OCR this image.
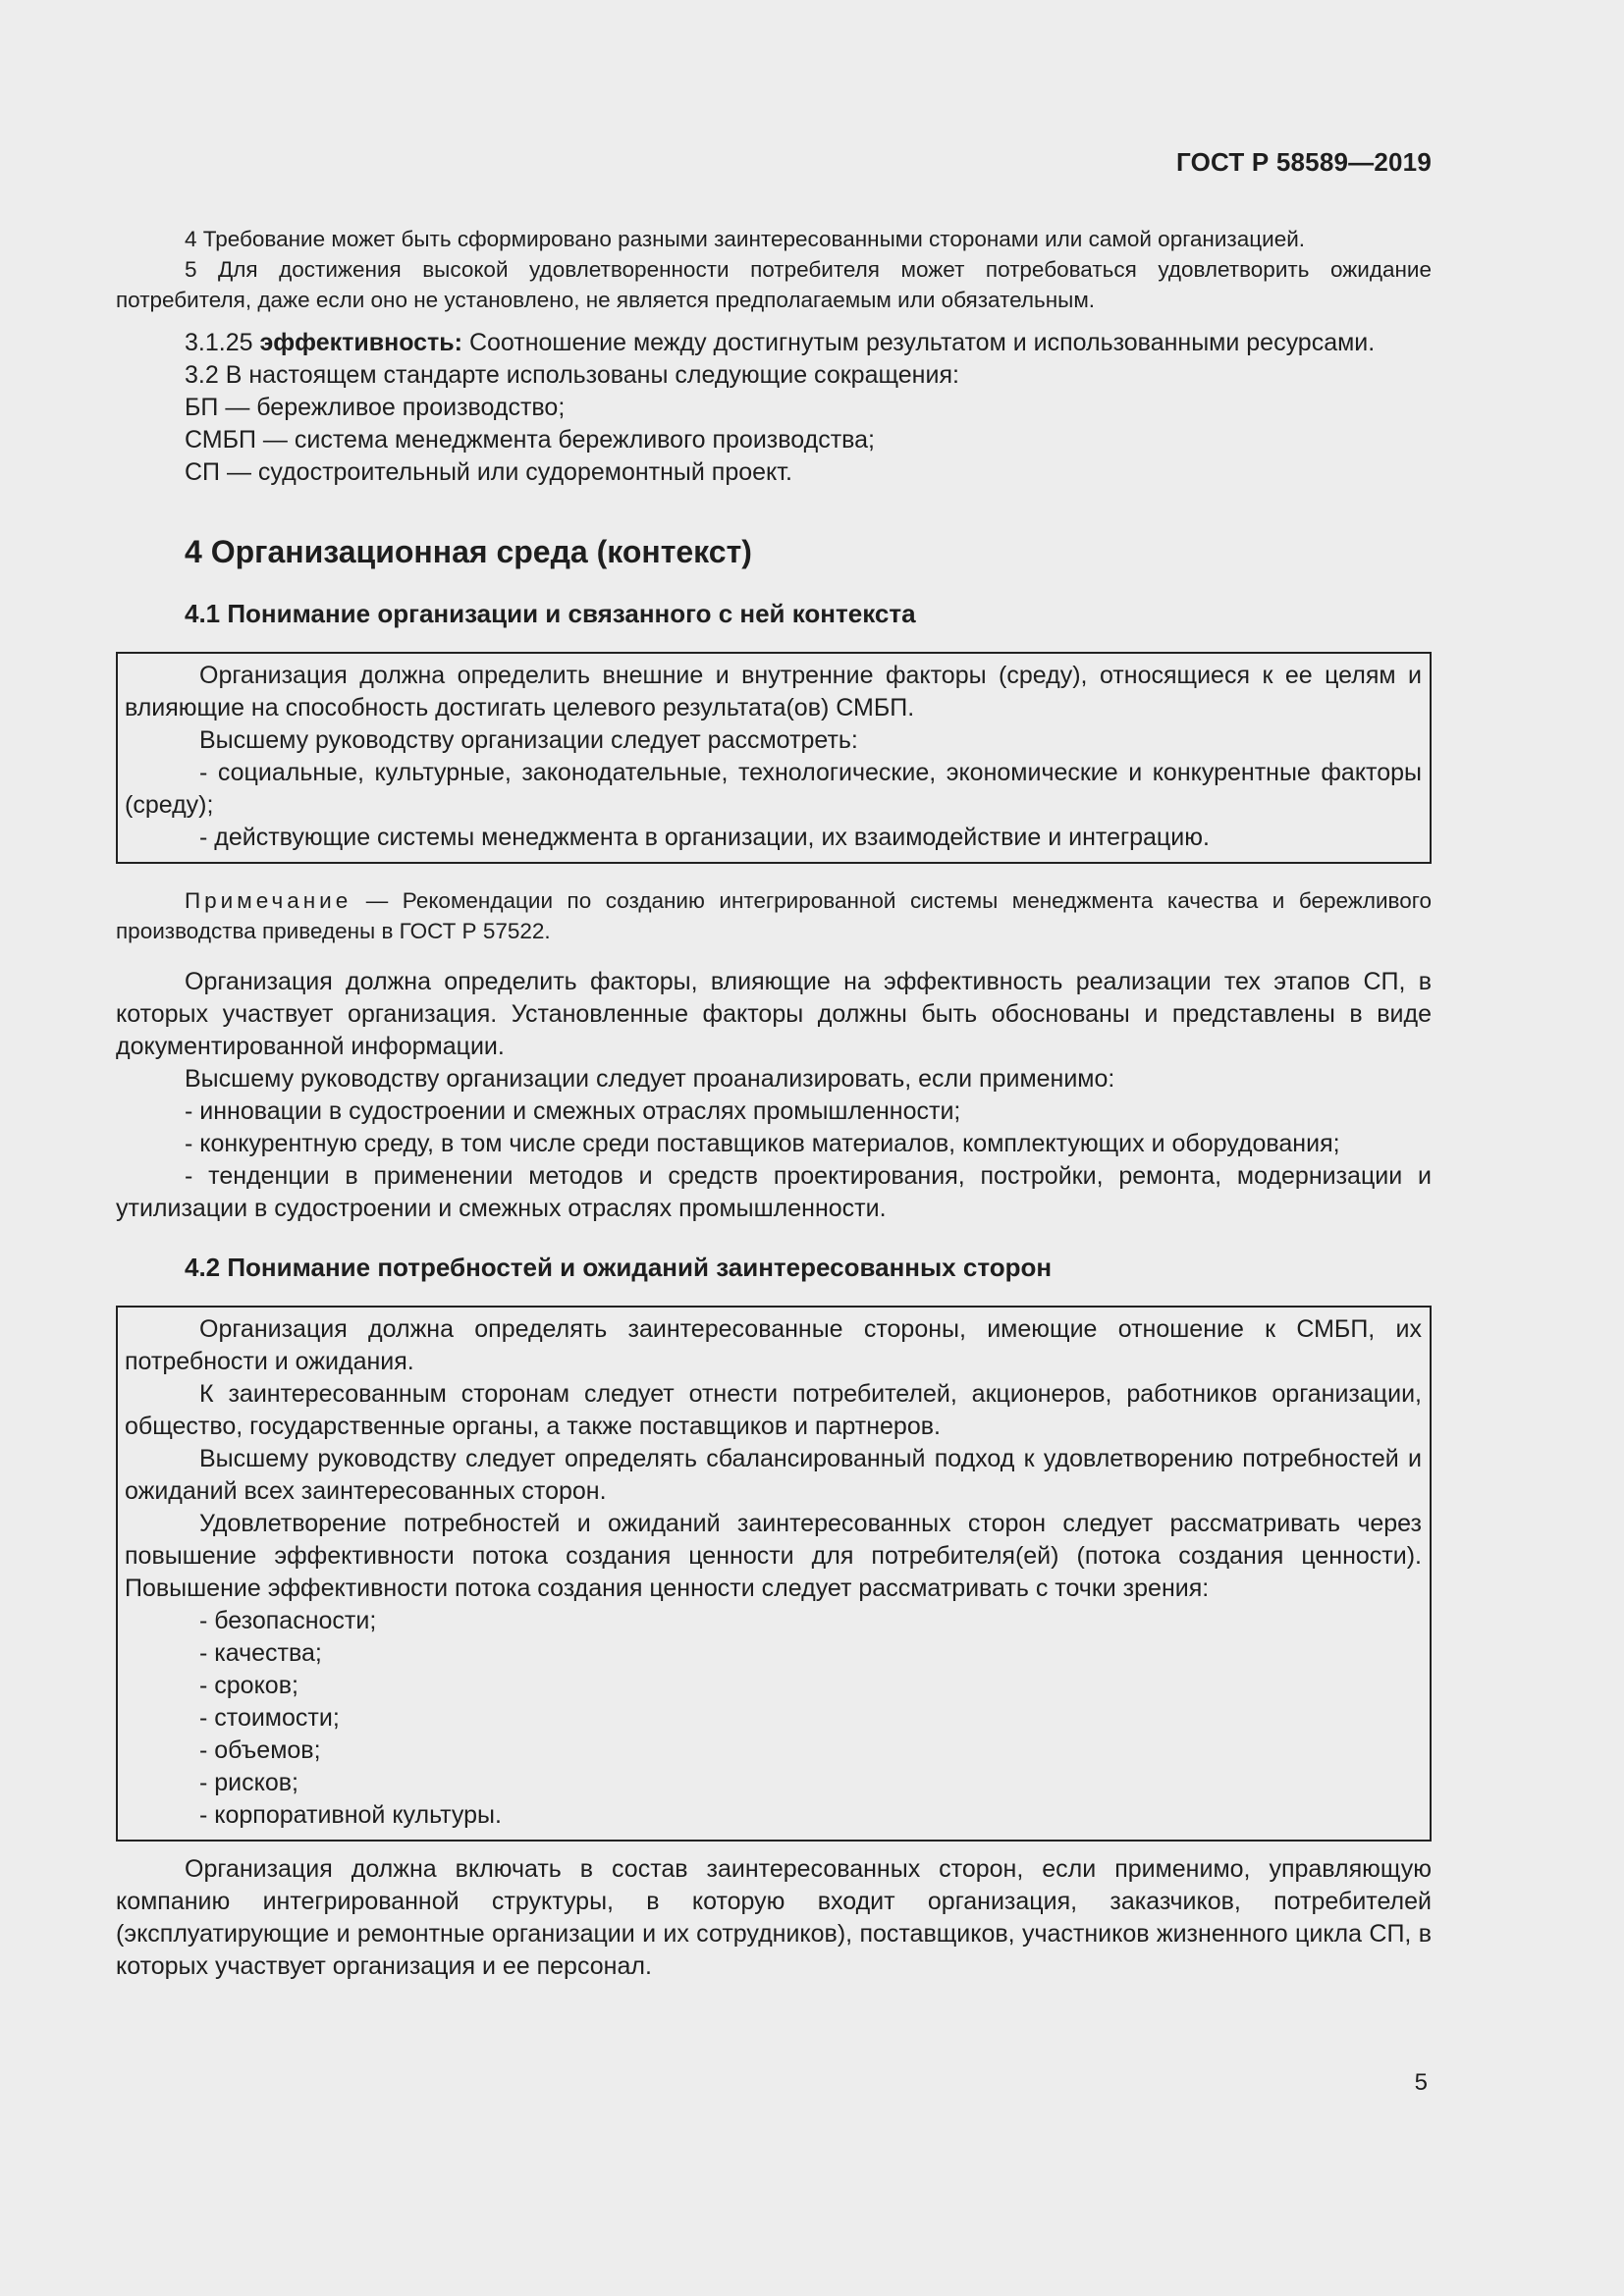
ГОСТ Р 58589—2019

4 Требование может быть сформировано разными заинтересованными сторонами или самой организацией.

5 Для достижения высокой удовлетворенности потребителя может потребоваться удовлетворить ожидание потребителя, даже если оно не установлено, не является предполагаемым или обязательным.

3.1.25 эффективность: Соотношение между достигнутым результатом и использованными ресурсами.

3.2 В настоящем стандарте использованы следующие сокращения:

БП — бережливое производство;

СМБП — система менеджмента бережливого производства;

СП — судостроительный или судоремонтный проект.

4 Организационная среда (контекст)
4.1 Понимание организации и связанного с ней контекста

Организация должна определить внешние и внутренние факторы (среду), относящиеся к ее целям и влияющие на способность достигать целевого результата(ов) СМБП.

Высшему руководству организации следует рассмотреть:

- социальные, культурные, законодательные, технологические, экономические и конкурентные факторы (среду);

- действующие системы менеджмента в организации, их взаимодействие и интеграцию.

Примечание — Рекомендации по созданию интегрированной системы менеджмента качества и бережливого производства приведены в ГОСТ Р 57522.

Организация должна определить факторы, влияющие на эффективность реализации тех этапов СП, в которых участвует организация. Установленные факторы должны быть обоснованы и представлены в виде документированной информации.

Высшему руководству организации следует проанализировать, если применимо:

- инновации в судостроении и смежных отраслях промышленности;

- конкурентную среду, в том числе среди поставщиков материалов, комплектующих и оборудования;

- тенденции в применении методов и средств проектирования, постройки, ремонта, модернизации и утилизации в судостроении и смежных отраслях промышленности.

4.2 Понимание потребностей и ожиданий заинтересованных сторон

Организация должна определять заинтересованные стороны, имеющие отношение к СМБП, их потребности и ожидания.

К заинтересованным сторонам следует отнести потребителей, акционеров, работников организации, общество, государственные органы, а также поставщиков и партнеров.

Высшему руководству следует определять сбалансированный подход к удовлетворению потребностей и ожиданий всех заинтересованных сторон.

Удовлетворение потребностей и ожиданий заинтересованных сторон следует рассматривать через повышение эффективности потока создания ценности для потребителя(ей) (потока создания ценности). Повышение эффективности потока создания ценности следует рассматривать с точки зрения:

- безопасности;

- качества;

- сроков;

- стоимости;

- объемов;

- рисков;

- корпоративной культуры.

Организация должна включать в состав заинтересованных сторон, если применимо, управляющую компанию интегрированной структуры, в которую входит организация, заказчиков, потребителей (эксплуатирующие и ремонтные организации и их сотрудников), поставщиков, участников жизненного цикла СП, в которых участвует организация и ее персонал.

5
